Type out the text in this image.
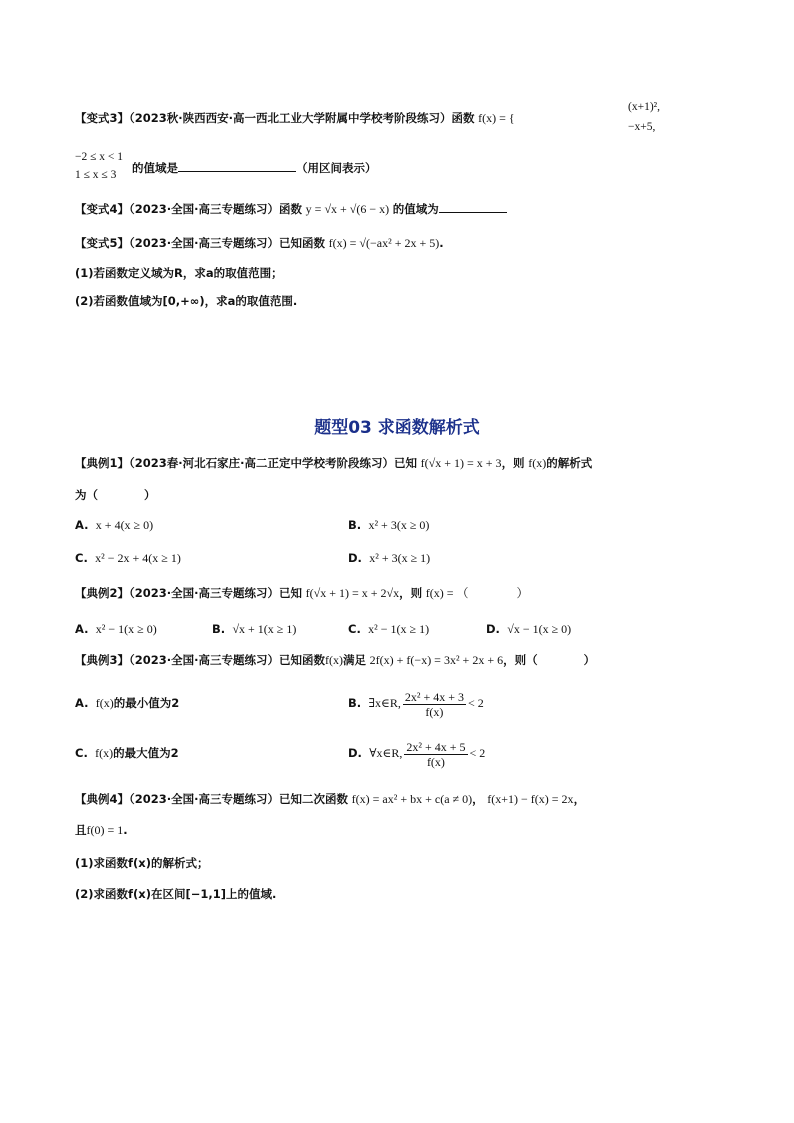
【变式3】（2023秋·陕西西安·高一西北工业大学附属中学校考阶段练习）函数 f(x) = {
(x+1)²,
−x+5,
−2 ≤ x < 1
1 ≤ x ≤ 3 的值域是	（用区间表示）
【变式4】（2023·全国·高三专题练习）函数 y = √x + √(6 − x) 的值域为
【变式5】（2023·全国·高三专题练习）已知函数 f(x) = √(−ax² + 2x + 5).
(1)若函数定义域为R，求a的取值范围；
(2)若函数值域为[0,+∞)，求a的取值范围.
题型03 求函数解析式
【典例1】（2023春·河北石家庄·高二正定中学校考阶段练习）已知 f(√x + 1) = x + 3，则 f(x)的解析式
为（　　　　）
A. x + 4(x ≥ 0)	B. x² + 3(x ≥ 0)
C. x² − 2x + 4(x ≥ 1)	D. x² + 3(x ≥ 1)
【典例2】（2023·全国·高三专题练习）已知 f(√x + 1) = x + 2√x，则 f(x) = （　　　　）
A. x² − 1(x ≥ 0)	B. √x + 1(x ≥ 1)	C. x² − 1(x ≥ 1)	D. √x − 1(x ≥ 0)
【典例3】（2023·全国·高三专题练习）已知函数f(x)满足 2f(x) + f(−x) = 3x² + 2x + 6，则（　　　　）
A. f(x)的最小值为2	B. ∃x∈R, $\frac{\text{2x² + 4x + 3}}{f(x)} < 2$
C. f(x)的最大值为2	D. ∀x∈R, $\frac{\text{2x² + 4x + 5}}{f(x)} < 2$
【典例4】（2023·全国·高三专题练习）已知二次函数 f(x) = ax² + bx + c(a ≠ 0)， f(x+1) − f(x) = 2x，
且f(0) = 1.
(1)求函数f(x)的解析式；
(2)求函数f(x)在区间[−1,1]上的值域.
